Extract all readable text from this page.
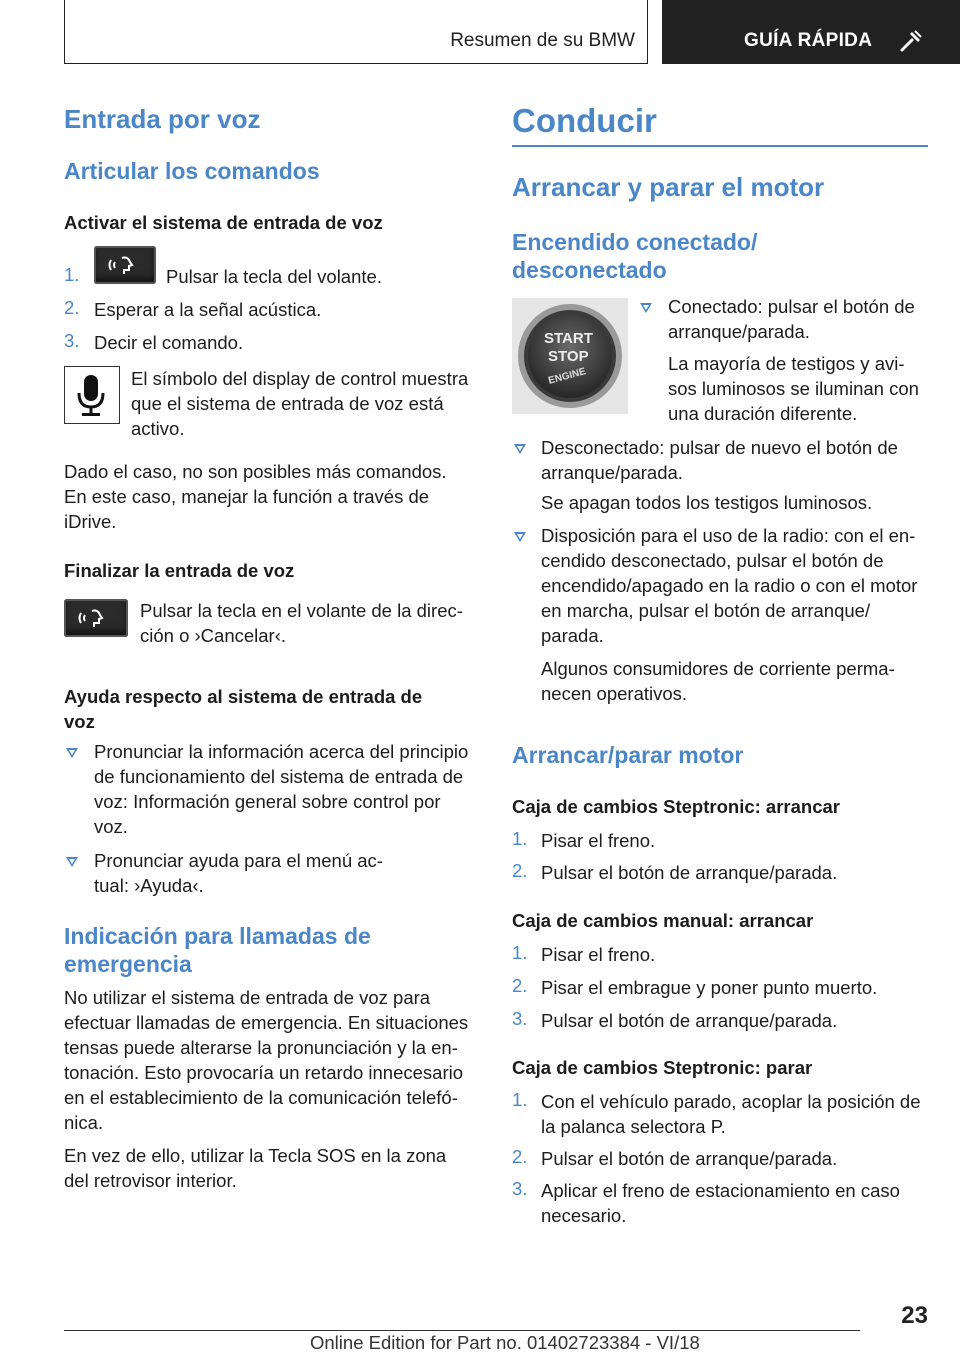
Resumen de su BMW	GUÍA RÁPIDA
Entrada por voz
Articular los comandos
Activar el sistema de entrada de voz
1.	Pulsar la tecla del volante.
2. Esperar a la señal acústica.
3. Decir el comando.
El símbolo del display de control muestra
que el sistema de entrada de voz está
activo.
Dado el caso, no son posibles más comandos.
En este caso, manejar la función a través de
iDrive.
Finalizar la entrada de voz
Pulsar la tecla en el volante de la direc‐
ción o ›Cancelar‹.
Ayuda respecto al sistema de entrada de
voz
Pronunciar la información acerca del principio
de funcionamiento del sistema de entrada de
voz: Información general sobre control por
voz.
Pronunciar ayuda para el menú ac‐
tual: ›Ayuda‹.
Indicación para llamadas de
emergencia
No utilizar el sistema de entrada de voz para
efectuar llamadas de emergencia. En situaciones
tensas puede alterarse la pronunciación y la en‐
tonación. Esto provocaría un retardo innecesario
en el establecimiento de la comunicación telefó‐
nica.
En vez de ello, utilizar la Tecla SOS en la zona
del retrovisor interior.
Conducir
Arrancar y parar el motor
Encendido conectado/
desconectado
START
STOP
ENGINE
Conectado: pulsar el botón de
arranque/parada.
La mayoría de testigos y avi‐
sos luminosos se iluminan con
una duración diferente.
Desconectado: pulsar de nuevo el botón de
arranque/parada.
Se apagan todos los testigos luminosos.
Disposición para el uso de la radio: con el en‐
cendido desconectado, pulsar el botón de
encendido/apagado en la radio o con el motor
en marcha, pulsar el botón de arranque/
parada.
Algunos consumidores de corriente perma‐
necen operativos.
Arrancar/parar motor
Caja de cambios Steptronic: arrancar
1. Pisar el freno.
2. Pulsar el botón de arranque/parada.
Caja de cambios manual: arrancar
1. Pisar el freno.
2. Pisar el embrague y poner punto muerto.
3. Pulsar el botón de arranque/parada.
Caja de cambios Steptronic: parar
1. Con el vehículo parado, acoplar la posición de
la palanca selectora P.
2. Pulsar el botón de arranque/parada.
3. Aplicar el freno de estacionamiento en caso
necesario.
23
Online Edition for Part no. 01402723384 - VI/18
